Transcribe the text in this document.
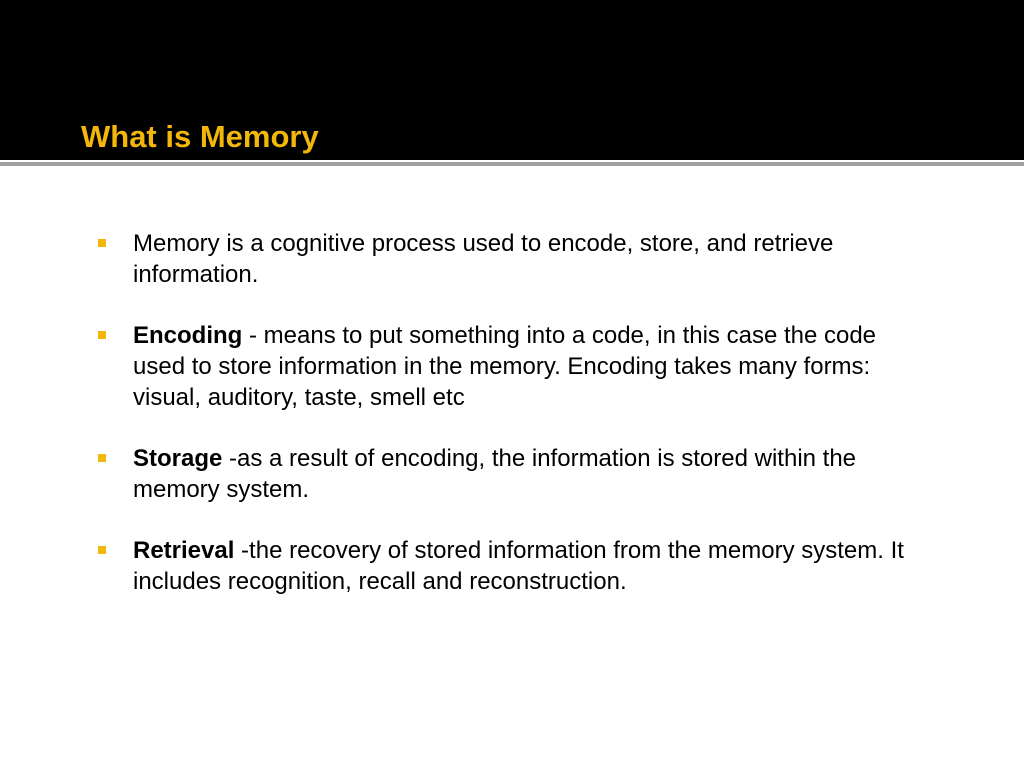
What is Memory
Memory is a cognitive process used to encode, store, and retrieve information.
Encoding - means to put something into a code, in this case the code used to store information in the memory. Encoding takes many forms: visual, auditory, taste, smell etc
Storage -as a result of encoding, the information is stored within the memory system.
Retrieval -the recovery of stored information from the memory system. It includes recognition, recall and reconstruction.
